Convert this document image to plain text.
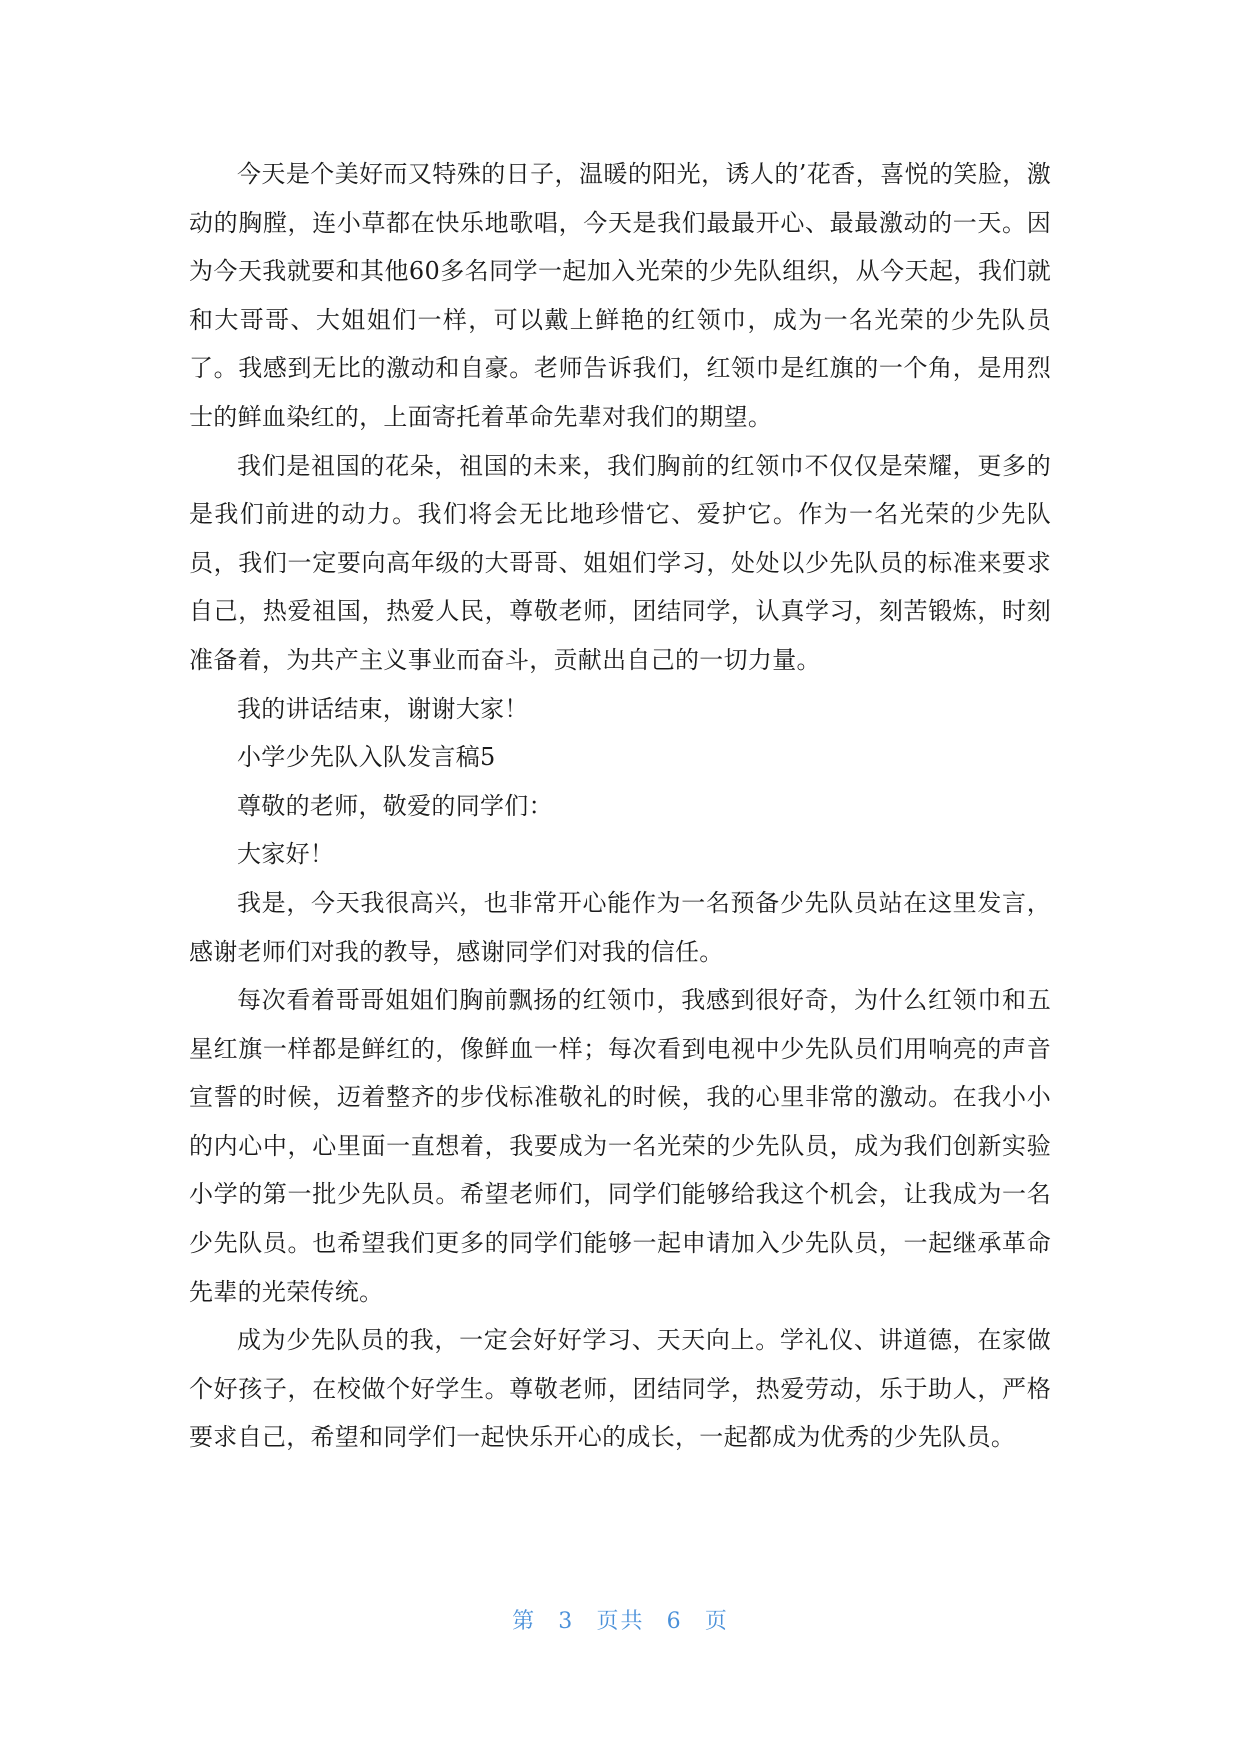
今天是个美好而又特殊的日子，温暖的阳光，诱人的’花香，喜悦的笑脸，激动的胸膛，连小草都在快乐地歌唱，今天是我们最最开心、最最激动的一天。因为今天我就要和其他60多名同学一起加入光荣的少先队组织，从今天起，我们就和大哥哥、大姐姐们一样，可以戴上鲜艳的红领巾，成为一名光荣的少先队员了。我感到无比的激动和自豪。老师告诉我们，红领巾是红旗的一个角，是用烈士的鲜血染红的，上面寄托着革命先辈对我们的期望。

我们是祖国的花朵，祖国的未来，我们胸前的红领巾不仅仅是荣耀，更多的是我们前进的动力。我们将会无比地珍惜它、爱护它。作为一名光荣的少先队员，我们一定要向高年级的大哥哥、姐姐们学习，处处以少先队员的标准来要求自己，热爱祖国，热爱人民，尊敬老师，团结同学，认真学习，刻苦锻炼，时刻准备着，为共产主义事业而奋斗，贡献出自己的一切力量。

我的讲话结束，谢谢大家！

小学少先队入队发言稿5

尊敬的老师，敬爱的同学们：

大家好！

我是，今天我很高兴，也非常开心能作为一名预备少先队员站在这里发言，感谢老师们对我的教导，感谢同学们对我的信任。

每次看着哥哥姐姐们胸前飘扬的红领巾，我感到很好奇，为什么红领巾和五星红旗一样都是鲜红的，像鲜血一样；每次看到电视中少先队员们用响亮的声音宣誓的时候，迈着整齐的步伐标准敬礼的时候，我的心里非常的激动。在我小小的内心中，心里面一直想着，我要成为一名光荣的少先队员，成为我们创新实验小学的第一批少先队员。希望老师们，同学们能够给我这个机会，让我成为一名少先队员。也希望我们更多的同学们能够一起申请加入少先队员，一起继承革命先辈的光荣传统。

成为少先队员的我，一定会好好学习、天天向上。学礼仪、讲道德，在家做个好孩子，在校做个好学生。尊敬老师，团结同学，热爱劳动，乐于助人，严格要求自己，希望和同学们一起快乐开心的成长，一起都成为优秀的少先队员。

第 3 页共 6 页
